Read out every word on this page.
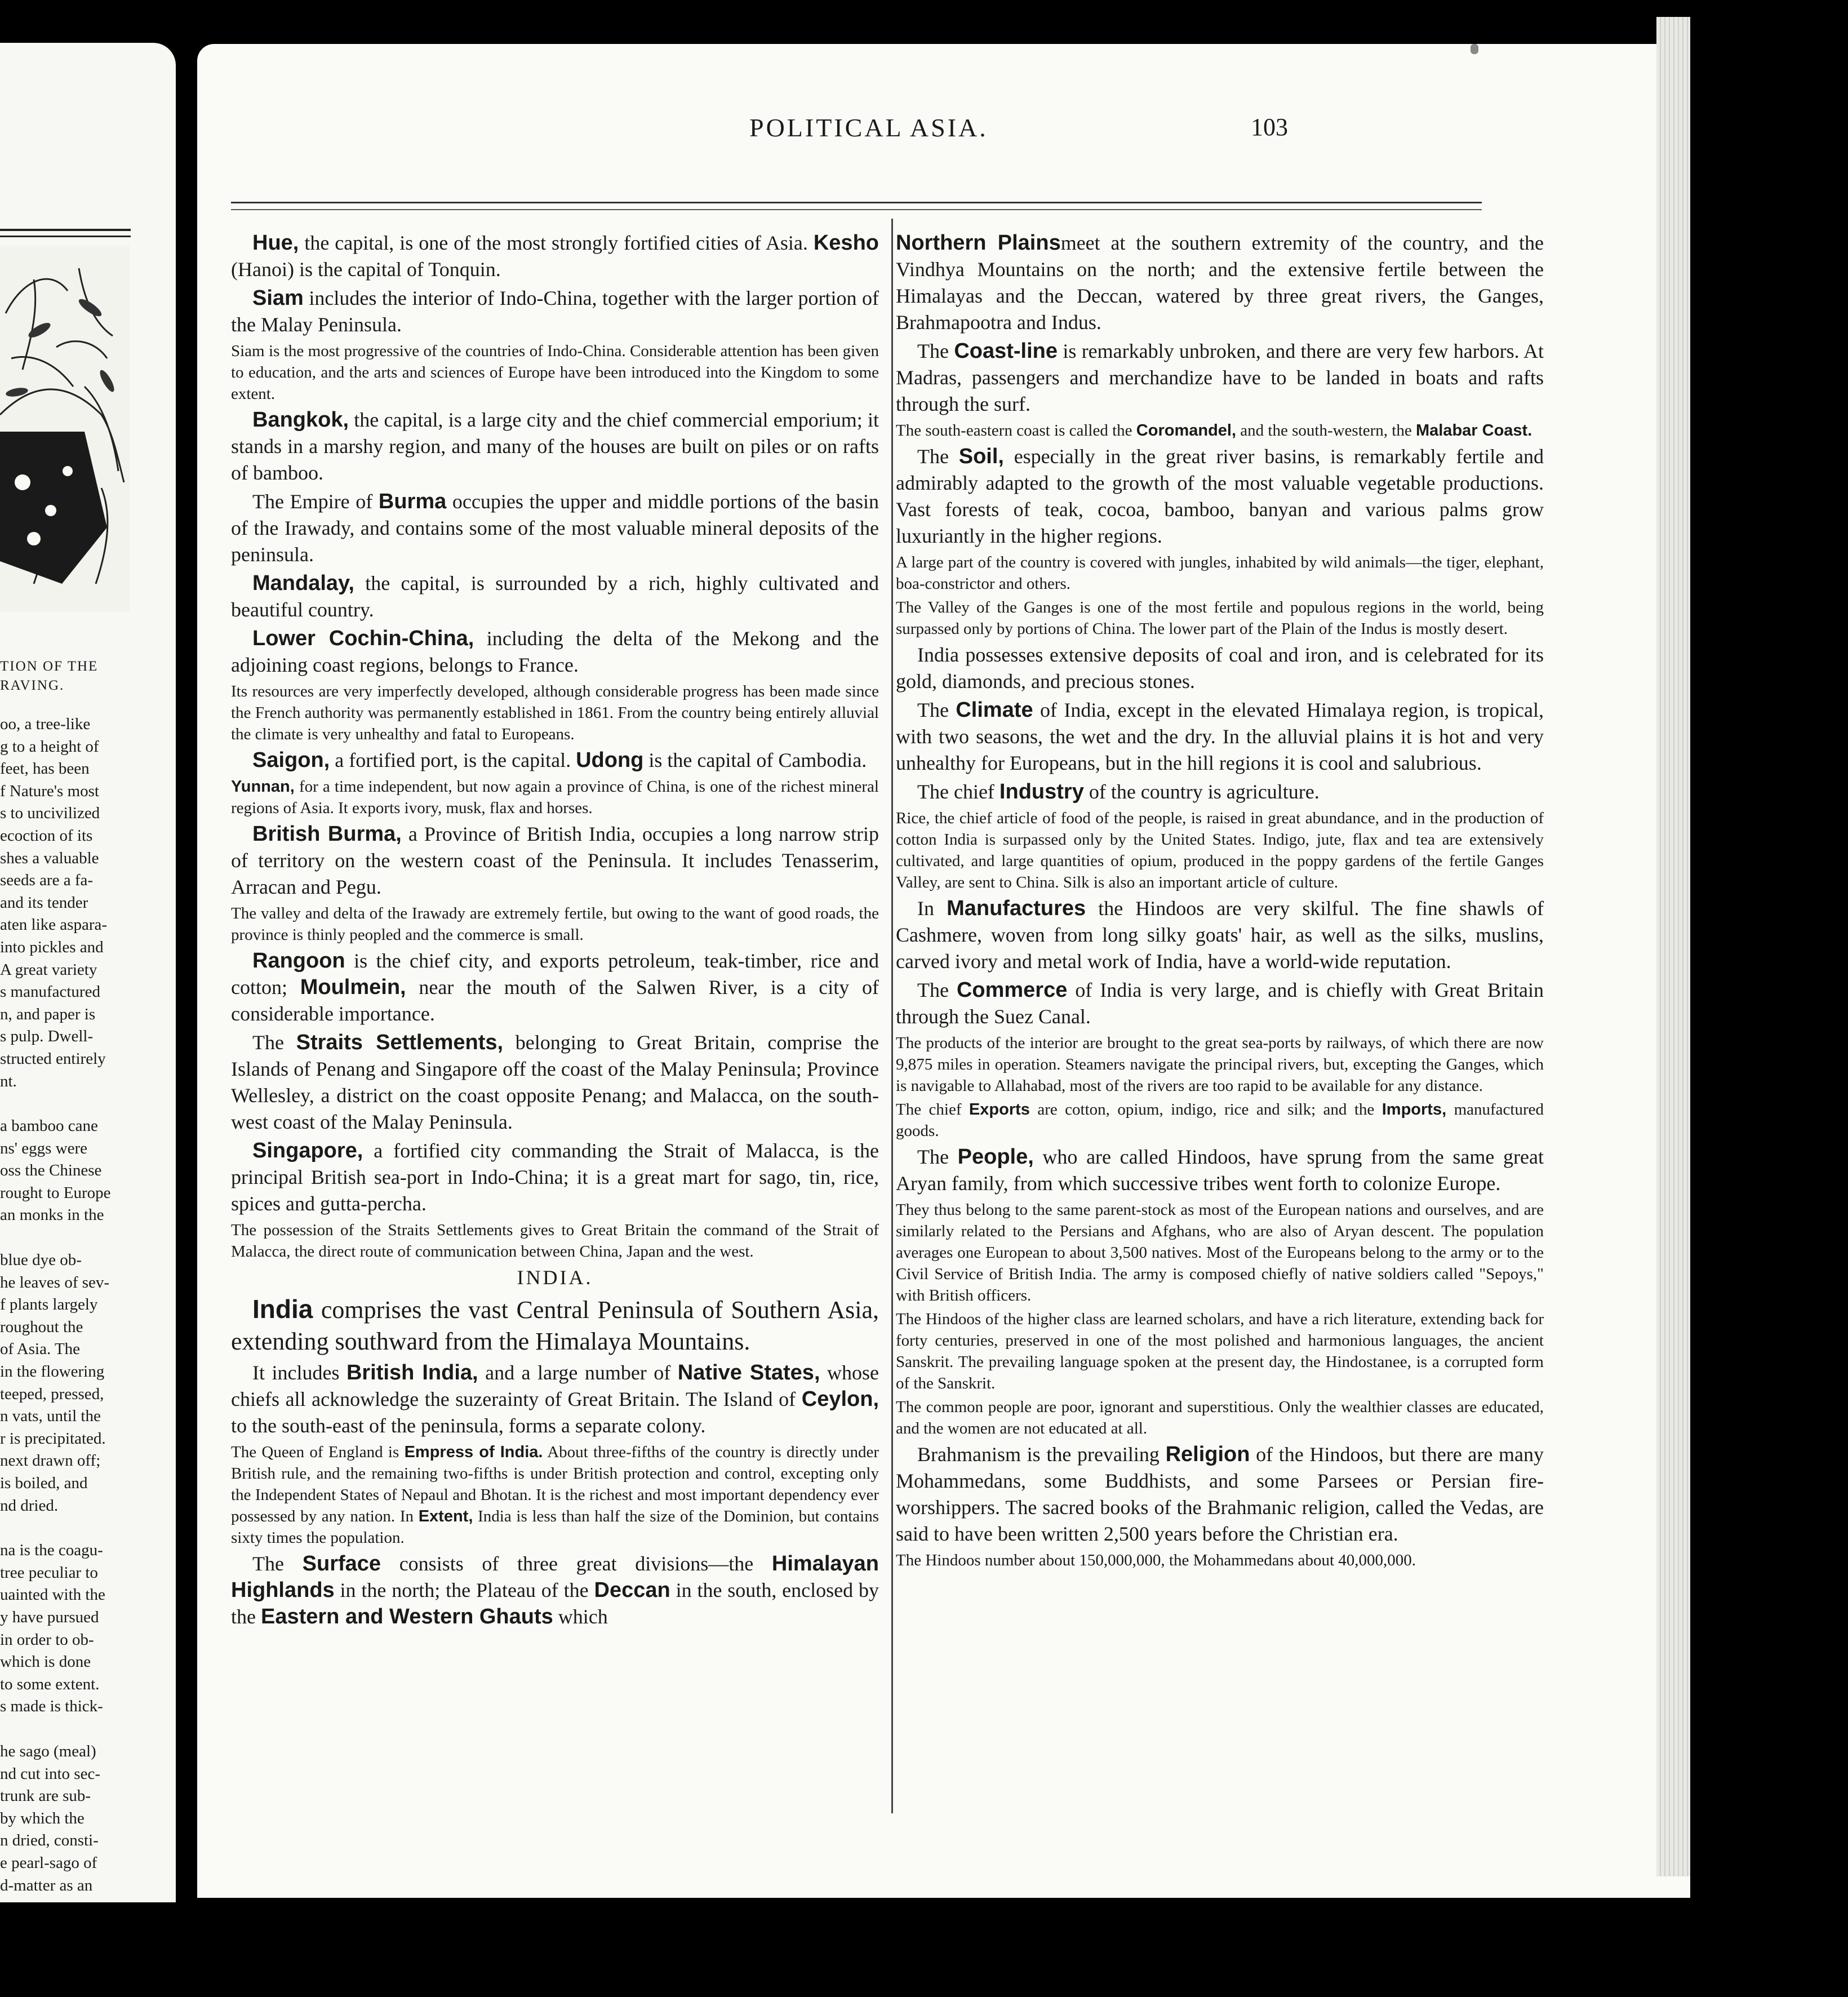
TION OF THE
RAVING.
oo, a tree-like
g to a height of
feet, has been
f Nature's most
s to uncivilized
ecoction of its
shes a valuable
seeds are a fa-
and its tender
aten like aspara-
into pickles and
A great variety
s manufactured
n, and paper is
s pulp. Dwell-
structed entirely
nt.
a bamboo cane
ns' eggs were
oss the Chinese
rought to Europe
an monks in the
blue dye ob-
he leaves of sev-
f plants largely
roughout the
of Asia. The
in the flowering
teeped, pressed,
n vats, until the
r is precipitated.
next drawn off;
is boiled, and
nd dried.
na is the coagu-
tree peculiar to
uainted with the
y have pursued
in order to ob-
which is done
to some extent.
s made is thick-
he sago (meal)
nd cut into sec-
trunk are sub-
by which the
n dried, consti-
e pearl-sago of
d-matter as an
POLITICAL ASIA.	103

Hue, the capital, is one of the most strongly fortified cities of Asia. Kesho (Hanoi) is the capital of Tonquin.

Siam includes the interior of Indo-China, together with the larger portion of the Malay Peninsula.

Siam is the most progressive of the countries of Indo-China. Considerable attention has been given to education, and the arts and sciences of Europe have been introduced into the Kingdom to some extent.

Bangkok, the capital, is a large city and the chief commercial emporium; it stands in a marshy region, and many of the houses are built on piles or on rafts of bamboo.

The Empire of Burma occupies the upper and middle portions of the basin of the Irawady, and contains some of the most valuable mineral deposits of the peninsula.

Mandalay, the capital, is surrounded by a rich, highly cultivated and beautiful country.

Lower Cochin-China, including the delta of the Mekong and the adjoining coast regions, belongs to France.

Its resources are very imperfectly developed, although considerable progress has been made since the French authority was permanently established in 1861. From the country being entirely alluvial the climate is very unhealthy and fatal to Europeans.

Saigon, a fortified port, is the capital. Udong is the capital of Cambodia.

Yunnan, for a time independent, but now again a province of China, is one of the richest mineral regions of Asia. It exports ivory, musk, flax and horses.

British Burma, a Province of British India, occupies a long narrow strip of territory on the western coast of the Peninsula. It includes Tenasserim, Arracan and Pegu.

The valley and delta of the Irawady are extremely fertile, but owing to the want of good roads, the province is thinly peopled and the commerce is small.

Rangoon is the chief city, and exports petroleum, teak-timber, rice and cotton; Moulmein, near the mouth of the Salwen River, is a city of considerable importance.

The Straits Settlements, belonging to Great Britain, comprise the Islands of Penang and Singapore off the coast of the Malay Peninsula; Province Wellesley, a district on the coast opposite Penang; and Malacca, on the south-west coast of the Malay Peninsula.

Singapore, a fortified city commanding the Strait of Malacca, is the principal British sea-port in Indo-China; it is a great mart for sago, tin, rice, spices and gutta-percha.

The possession of the Straits Settlements gives to Great Britain the command of the Strait of Malacca, the direct route of communication between China, Japan and the west.

INDIA.

India comprises the vast Central Peninsula of Southern Asia, extending southward from the Himalaya Mountains.

It includes British India, and a large number of Native States, whose chiefs all acknowledge the suzerainty of Great Britain. The Island of Ceylon, to the south-east of the peninsula, forms a separate colony.

The Queen of England is Empress of India. About three-fifths of the country is directly under British rule, and the remaining two-fifths is under British protection and control, excepting only the Independent States of Nepaul and Bhotan. It is the richest and most important dependency ever possessed by any nation. In Extent, India is less than half the size of the Dominion, but contains sixty times the population.

The Surface consists of three great divisions—the Himalayan Highlands in the north; the Plateau of the Deccan in the south, enclosed by the Eastern and Western Ghauts which

Northern Plainsmeet at the southern extremity of the country, and the Vindhya Mountains on the north; and the extensive fertile between the Himalayas and the Deccan, watered by three great rivers, the Ganges, Brahmapootra and Indus.

The Coast-line is remarkably unbroken, and there are very few harbors. At Madras, passengers and merchandize have to be landed in boats and rafts through the surf.

The south-eastern coast is called the Coromandel, and the south-western, the Malabar Coast.

The Soil, especially in the great river basins, is remarkably fertile and admirably adapted to the growth of the most valuable vegetable productions. Vast forests of teak, cocoa, bamboo, banyan and various palms grow luxuriantly in the higher regions.

A large part of the country is covered with jungles, inhabited by wild animals—the tiger, elephant, boa-constrictor and others.

The Valley of the Ganges is one of the most fertile and populous regions in the world, being surpassed only by portions of China. The lower part of the Plain of the Indus is mostly desert.

India possesses extensive deposits of coal and iron, and is celebrated for its gold, diamonds, and precious stones.

The Climate of India, except in the elevated Himalaya region, is tropical, with two seasons, the wet and the dry. In the alluvial plains it is hot and very unhealthy for Europeans, but in the hill regions it is cool and salubrious.

The chief Industry of the country is agriculture.

Rice, the chief article of food of the people, is raised in great abundance, and in the production of cotton India is surpassed only by the United States. Indigo, jute, flax and tea are extensively cultivated, and large quantities of opium, produced in the poppy gardens of the fertile Ganges Valley, are sent to China. Silk is also an important article of culture.

In Manufactures the Hindoos are very skilful. The fine shawls of Cashmere, woven from long silky goats' hair, as well as the silks, muslins, carved ivory and metal work of India, have a world-wide reputation.

The Commerce of India is very large, and is chiefly with Great Britain through the Suez Canal.

The products of the interior are brought to the great sea-ports by railways, of which there are now 9,875 miles in operation. Steamers navigate the principal rivers, but, excepting the Ganges, which is navigable to Allahabad, most of the rivers are too rapid to be available for any distance.

The chief Exports are cotton, opium, indigo, rice and silk; and the Imports, manufactured goods.

The People, who are called Hindoos, have sprung from the same great Aryan family, from which successive tribes went forth to colonize Europe.

They thus belong to the same parent-stock as most of the European nations and ourselves, and are similarly related to the Persians and Afghans, who are also of Aryan descent. The population averages one European to about 3,500 natives. Most of the Europeans belong to the army or to the Civil Service of British India. The army is composed chiefly of native soldiers called "Sepoys," with British officers.

The Hindoos of the higher class are learned scholars, and have a rich literature, extending back for forty centuries, preserved in one of the most polished and harmonious languages, the ancient Sanskrit. The prevailing language spoken at the present day, the Hindostanee, is a corrupted form of the Sanskrit.

The common people are poor, ignorant and superstitious. Only the wealthier classes are educated, and the women are not educated at all.

Brahmanism is the prevailing Religion of the Hindoos, but there are many Mohammedans, some Buddhists, and some Parsees or Persian fire-worshippers. The sacred books of the Brahmanic religion, called the Vedas, are said to have been written 2,500 years before the Christian era.

The Hindoos number about 150,000,000, the Mohammedans about 40,000,000.
